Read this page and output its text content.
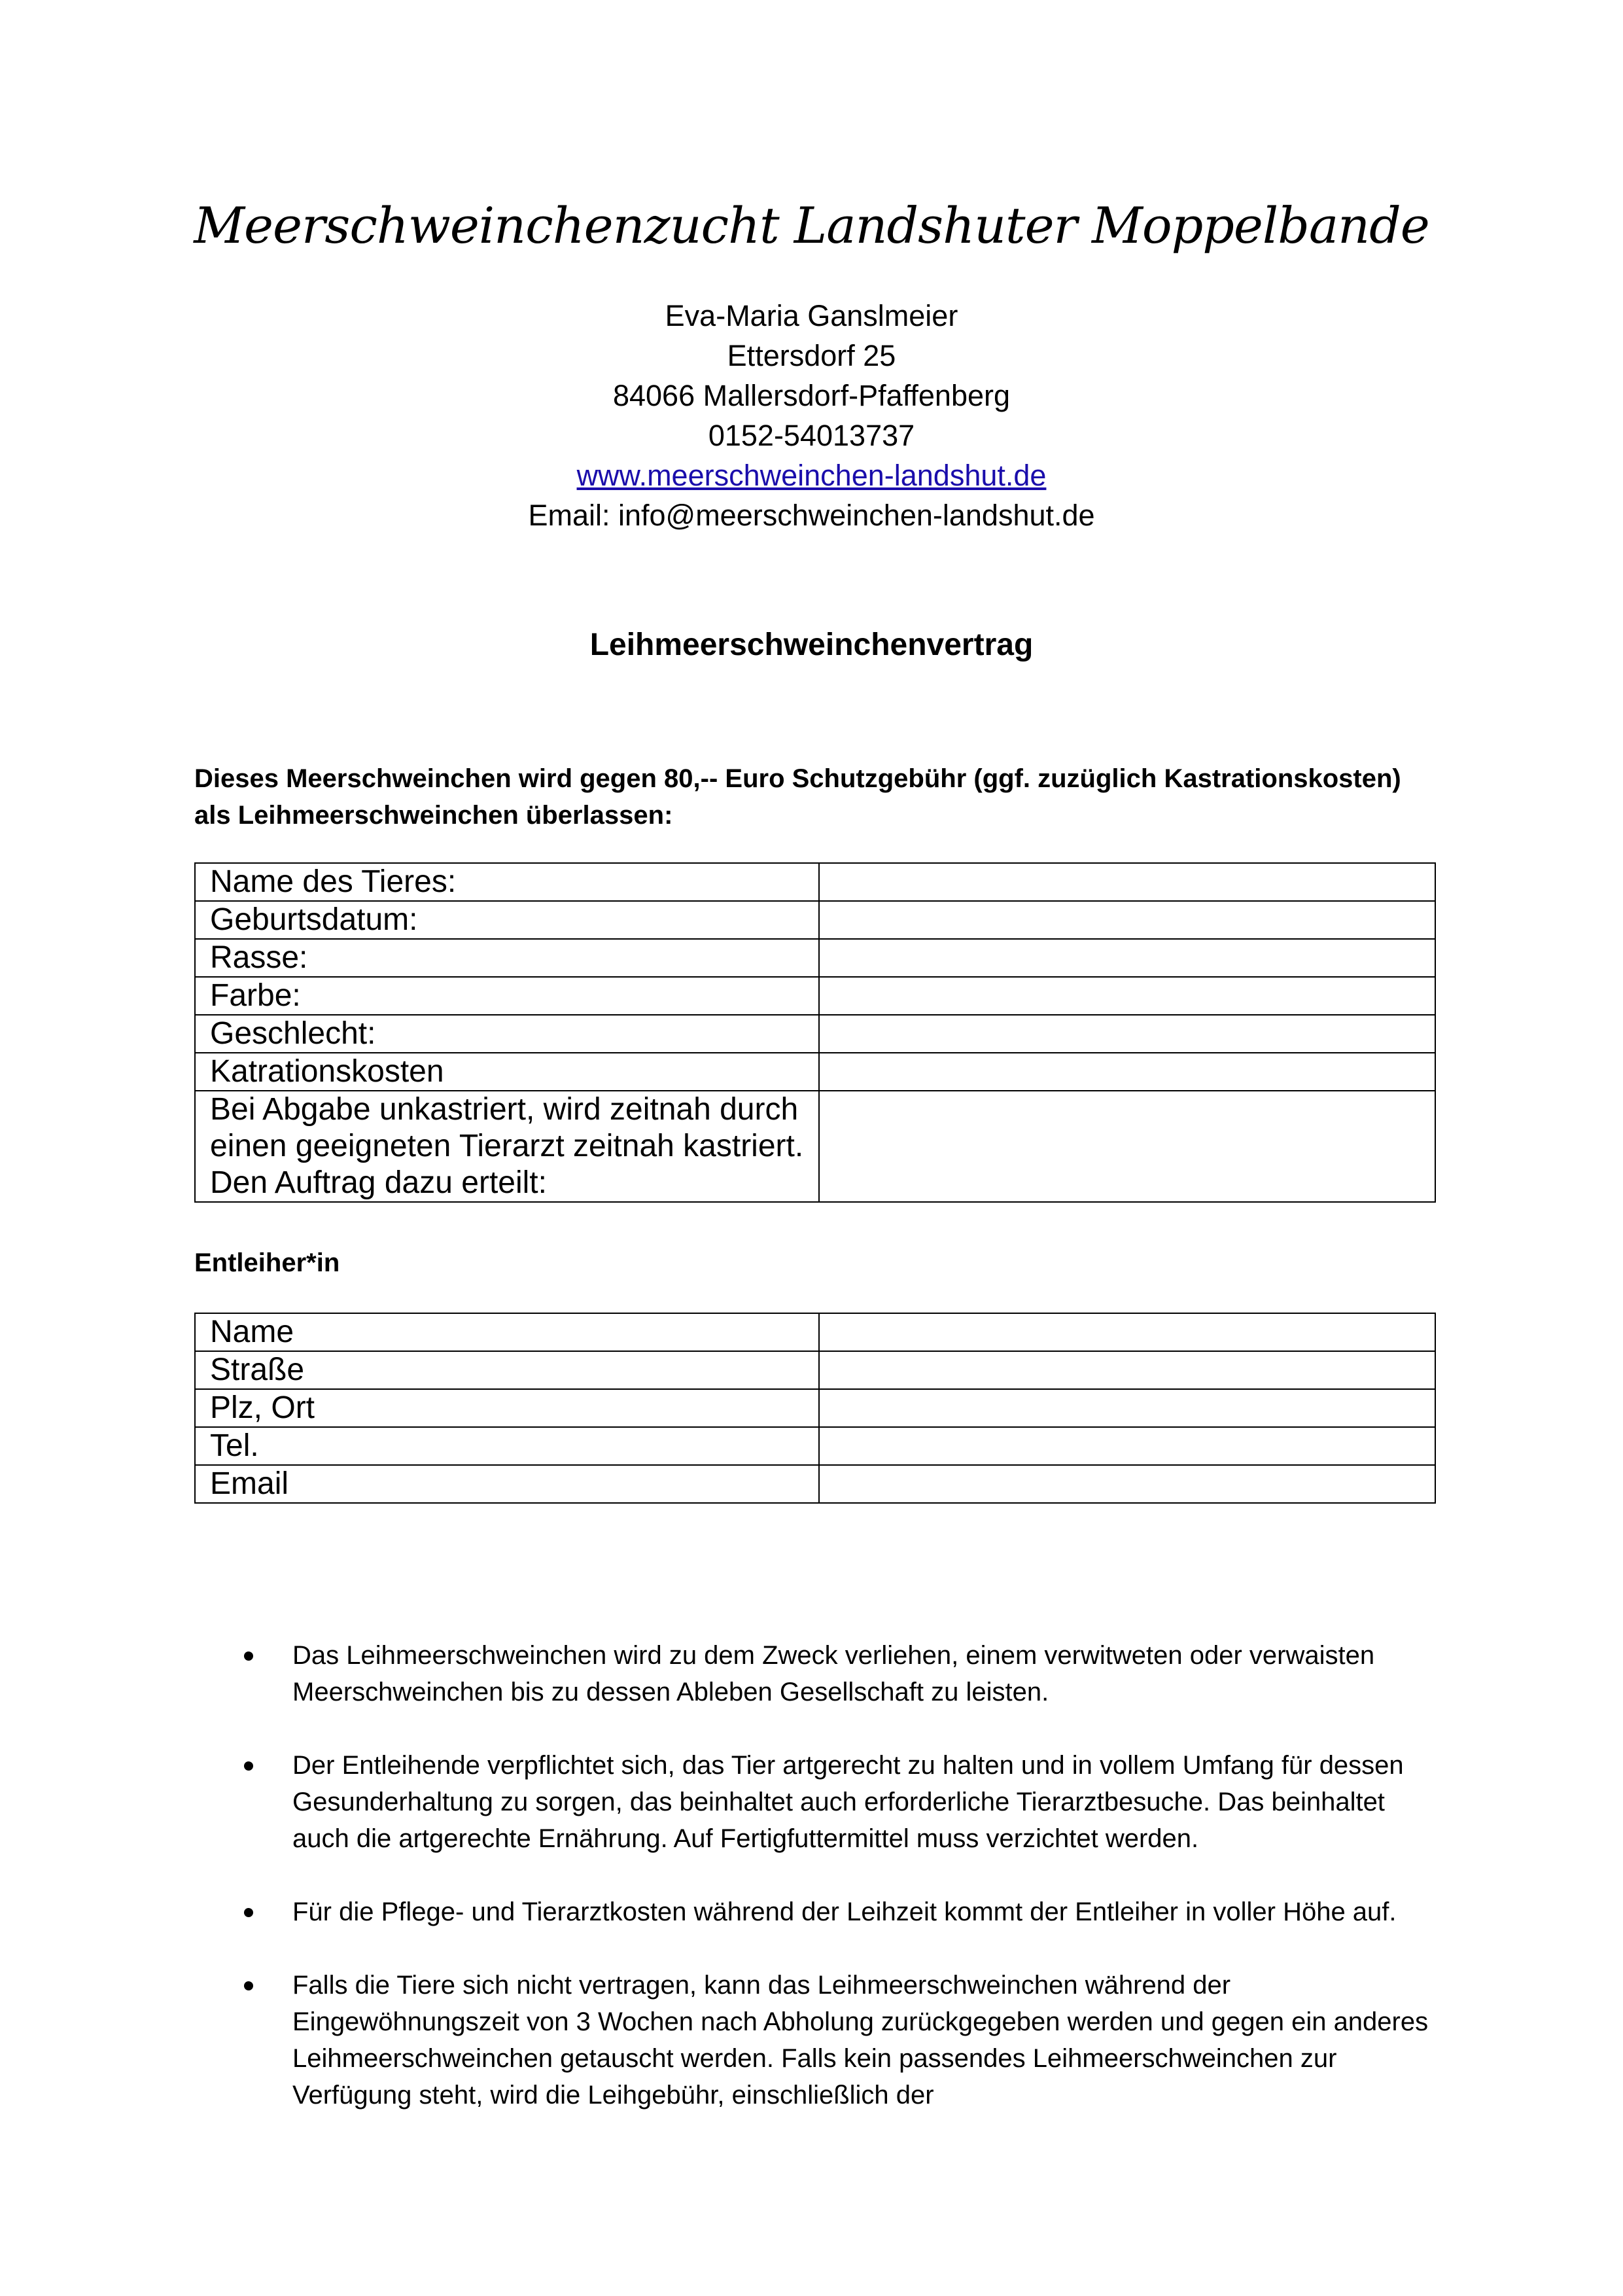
Meerschweinchenzucht Landshuter Moppelbande
Eva-Maria Ganslmeier
Ettersdorf 25
84066 Mallersdorf-Pfaffenberg
0152-54013737
www.meerschweinchen-landshut.de
Email: info@meerschweinchen-landshut.de
Leihmeerschweinchenvertrag
Dieses Meerschweinchen wird gegen 80,-- Euro Schutzgebühr (ggf. zuzüglich Kastrationskosten) als Leihmeerschweinchen überlassen:
Name des Tieres:	
Geburtsdatum:	
Rasse:	
Farbe:	
Geschlecht:	
Katrationskosten	
Bei Abgabe unkastriert, wird zeitnah durch einen geeigneten Tierarzt zeitnah kastriert. Den Auftrag dazu erteilt:	
Entleiher*in
Name	
Straße	
Plz, Ort	
Tel.	
Email	
Das Leihmeerschweinchen wird zu dem Zweck verliehen, einem verwitweten oder verwaisten Meerschweinchen bis zu dessen Ableben Gesellschaft zu leisten.
Der Entleihende verpflichtet sich, das Tier artgerecht zu halten und in vollem Umfang für dessen Gesunderhaltung zu sorgen, das beinhaltet auch erforderliche Tierarztbesuche. Das beinhaltet auch die artgerechte Ernährung. Auf Fertigfuttermittel muss verzichtet werden.
Für die Pflege- und Tierarztkosten während der Leihzeit kommt der Entleiher in voller Höhe auf.
Falls die Tiere sich nicht vertragen, kann das Leihmeerschweinchen während der Eingewöhnungszeit von 3 Wochen nach Abholung zurückgegeben werden und gegen ein anderes Leihmeerschweinchen getauscht werden. Falls kein passendes Leihmeerschweinchen zur Verfügung steht, wird die Leihgebühr, einschließlich der
